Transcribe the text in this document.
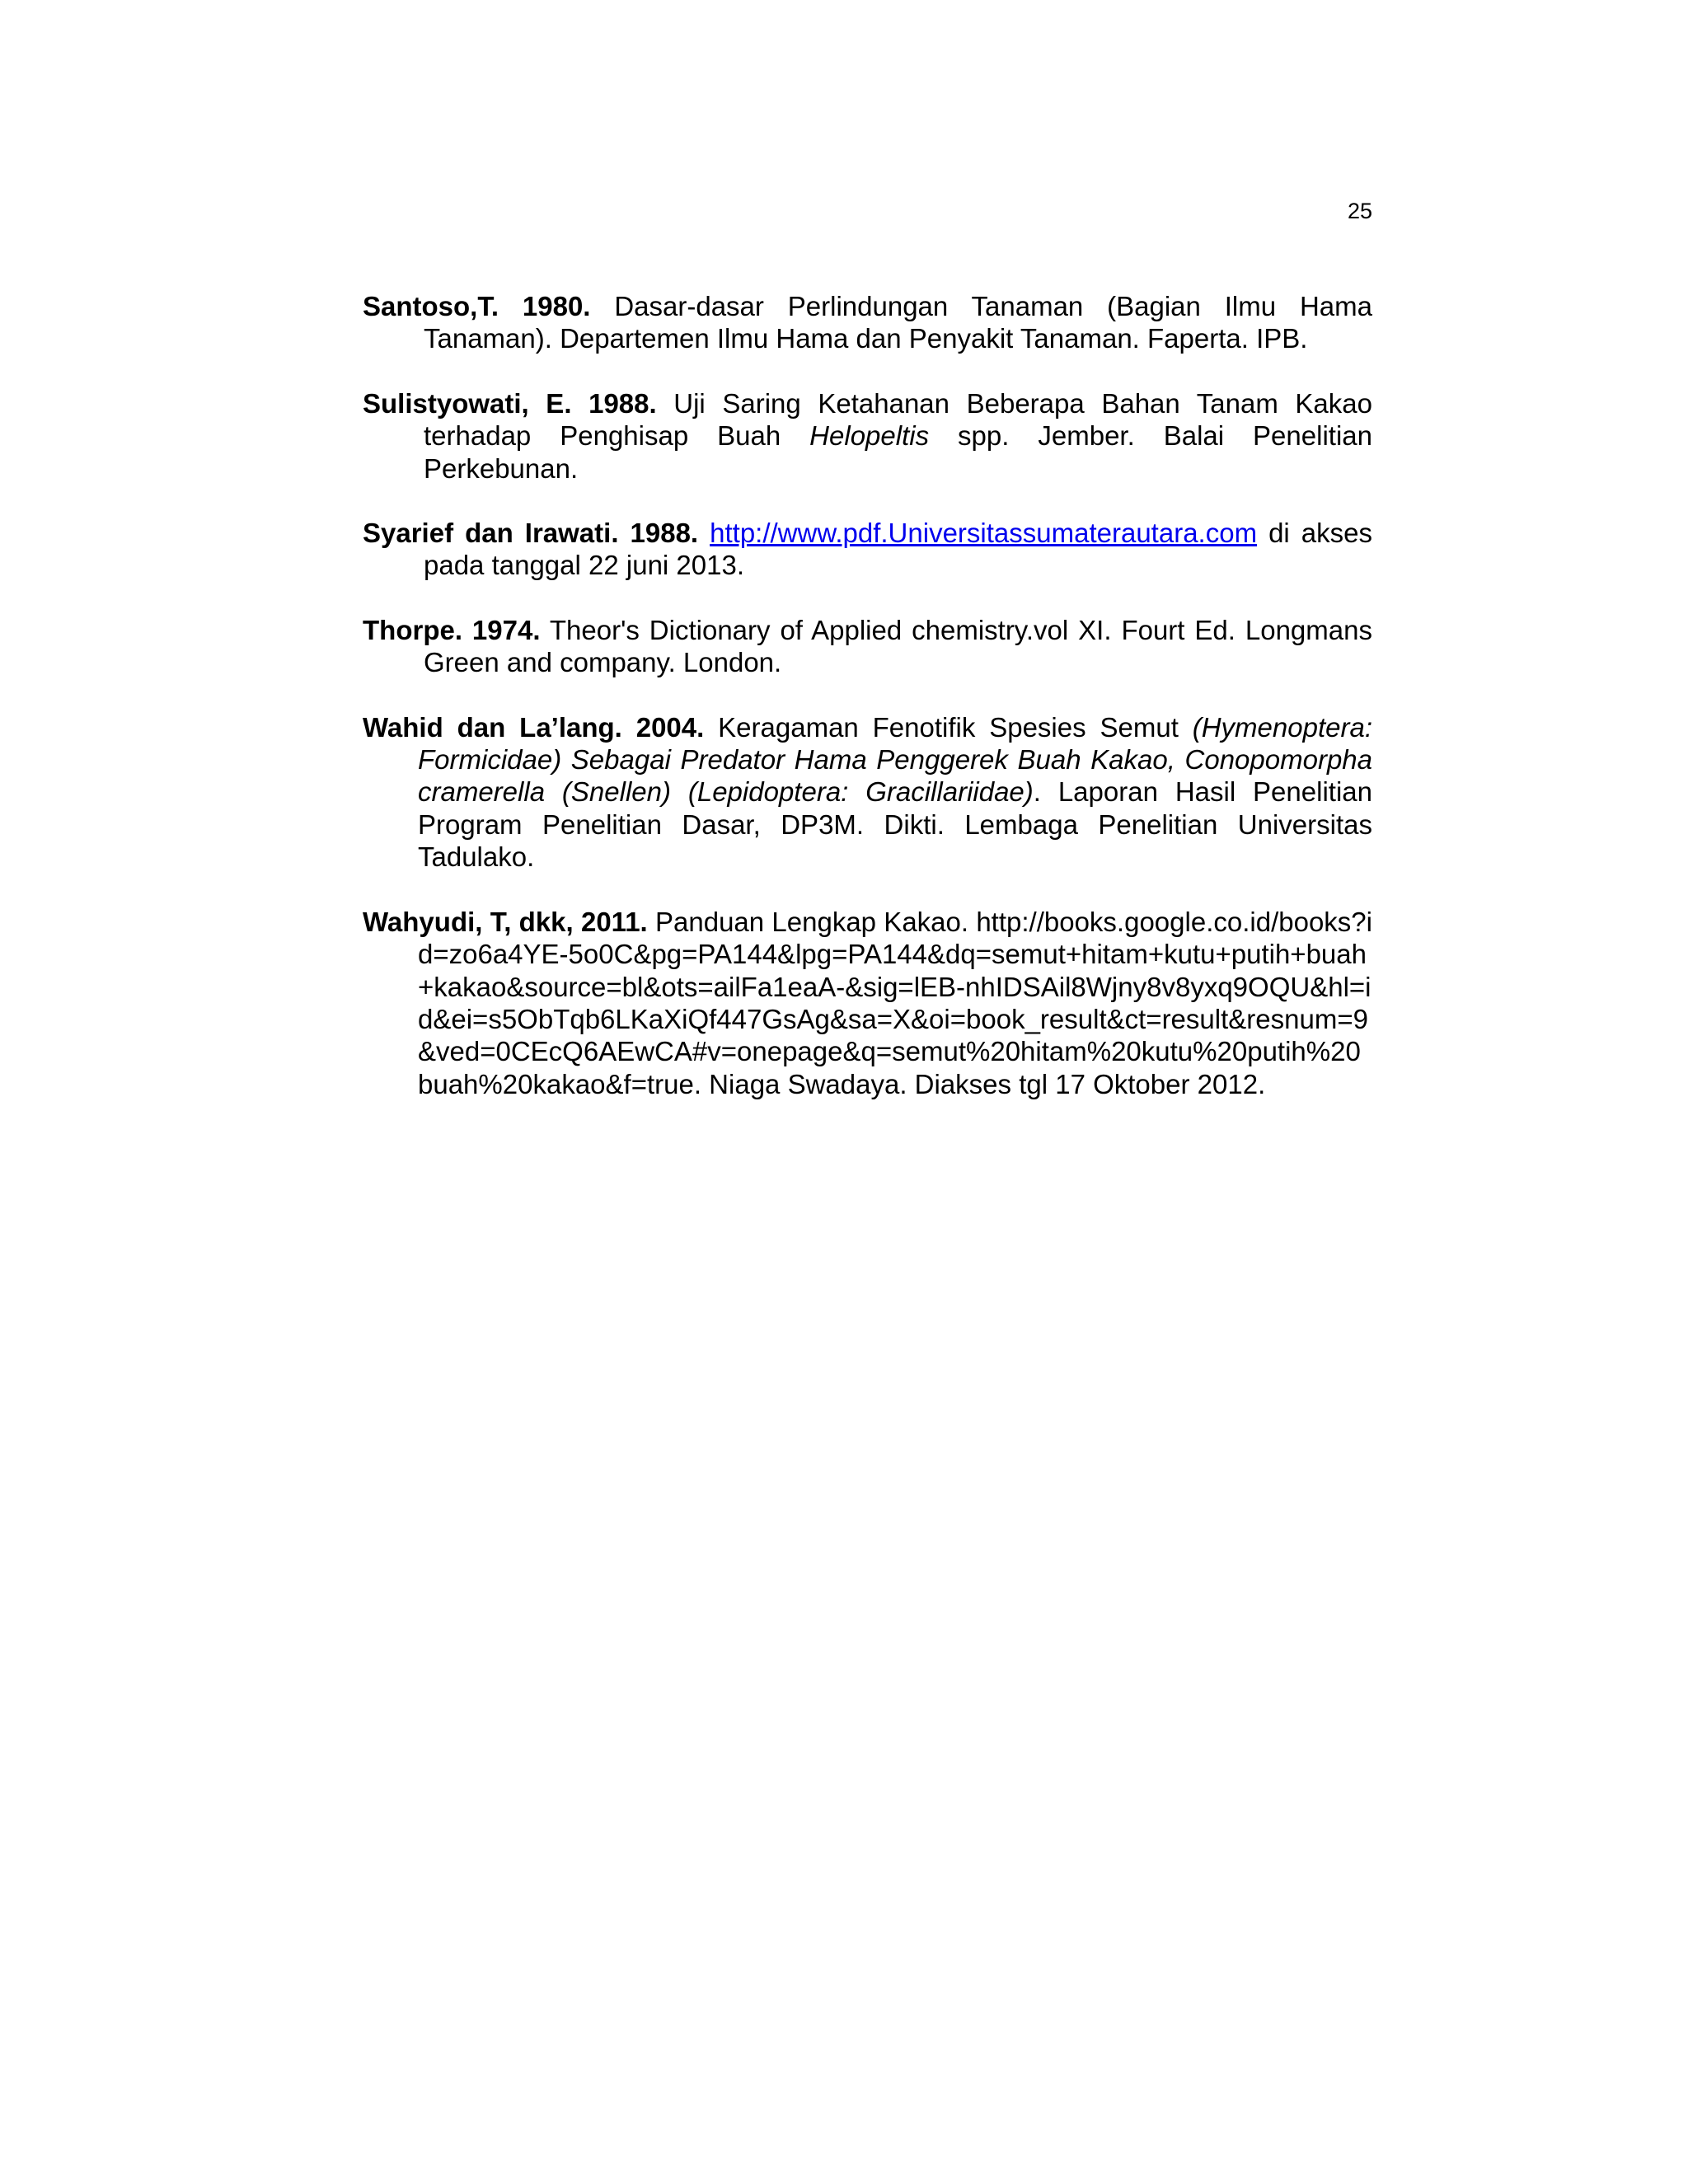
25

Santoso,T. 1980. Dasar-dasar Perlindungan Tanaman (Bagian Ilmu Hama Tanaman). Departemen Ilmu Hama dan Penyakit Tanaman. Faperta. IPB.
Sulistyowati, E. 1988. Uji Saring Ketahanan Beberapa Bahan Tanam Kakao terhadap Penghisap Buah Helopeltis spp. Jember. Balai Penelitian Perkebunan.
Syarief dan Irawati. 1988. http://www.pdf.Universitassumaterautara.com di akses pada tanggal 22 juni 2013.
Thorpe. 1974. Theor's Dictionary of Applied chemistry.vol XI. Fourt Ed. Longmans Green and company. London.
Wahid dan La’lang. 2004. Keragaman Fenotifik Spesies Semut (Hymenoptera: Formicidae) Sebagai Predator Hama Penggerek Buah Kakao, Conopomorpha cramerella (Snellen) (Lepidoptera: Gracillariidae). Laporan Hasil Penelitian Program Penelitian Dasar, DP3M. Dikti. Lembaga Penelitian Universitas Tadulako.
Wahyudi, T, dkk, 2011. Panduan Lengkap Kakao. http://books.google.co.id/books?id=zo6a4YE-5o0C&pg=PA144&lpg=PA144&dq=semut+hitam+kutu+putih+buah+kakao&source=bl&ots=ailFa1eaA-&sig=lEB-nhIDSAil8Wjny8v8yxq9OQU&hl=id&ei=s5ObTqb6LKaXiQf447GsAg&sa=X&oi=book_result&ct=result&resnum=9&ved=0CEcQ6AEwCA#v=onepage&q=semut%20hitam%20kutu%20putih%20buah%20kakao&f=true. Niaga Swadaya. Diakses tgl 17 Oktober 2012.
